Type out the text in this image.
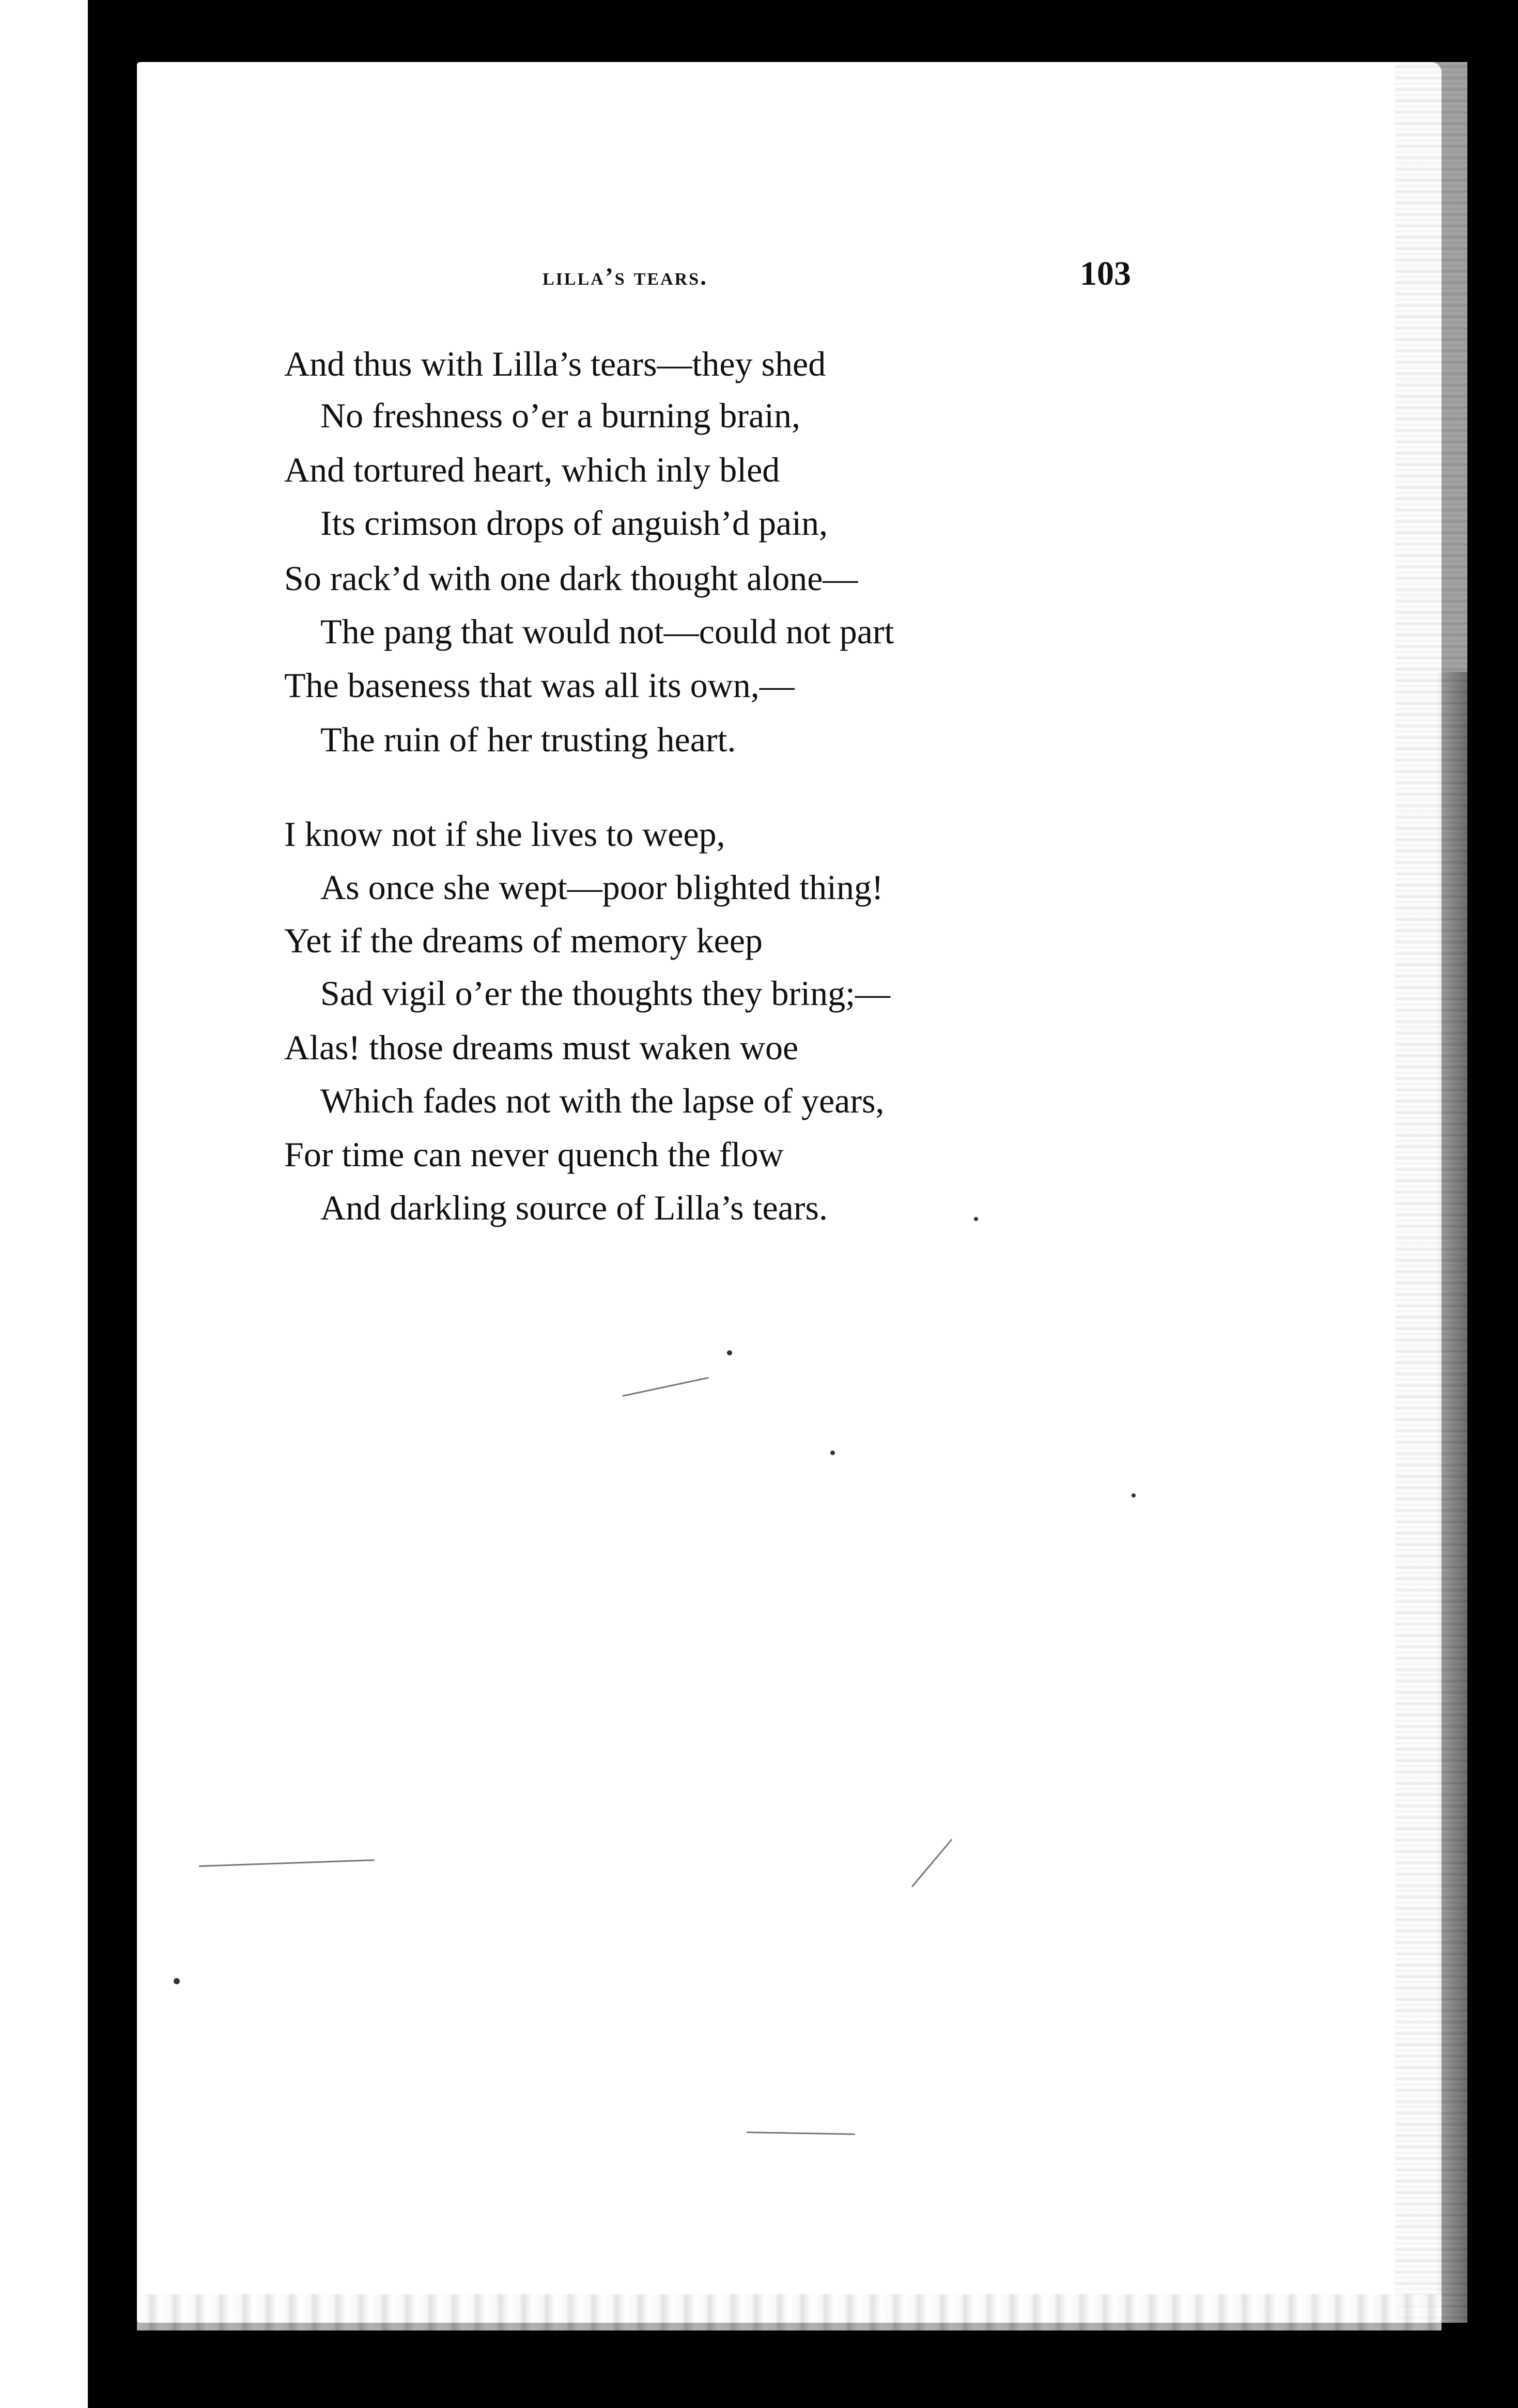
lilla’s tears.	103
And thus with Lilla’s tears—they shed
No freshness o’er a burning brain,
And tortured heart, which inly bled
Its crimson drops of anguish’d pain,
So rack’d with one dark thought alone—
The pang that would not—could not part
The baseness that was all its own,—
The ruin of her trusting heart.
I know not if she lives to weep,
As once she wept—poor blighted thing!
Yet if the dreams of memory keep
Sad vigil o’er the thoughts they bring;—
Alas! those dreams must waken woe
Which fades not with the lapse of years,
For time can never quench the flow
And darkling source of Lilla’s tears.
